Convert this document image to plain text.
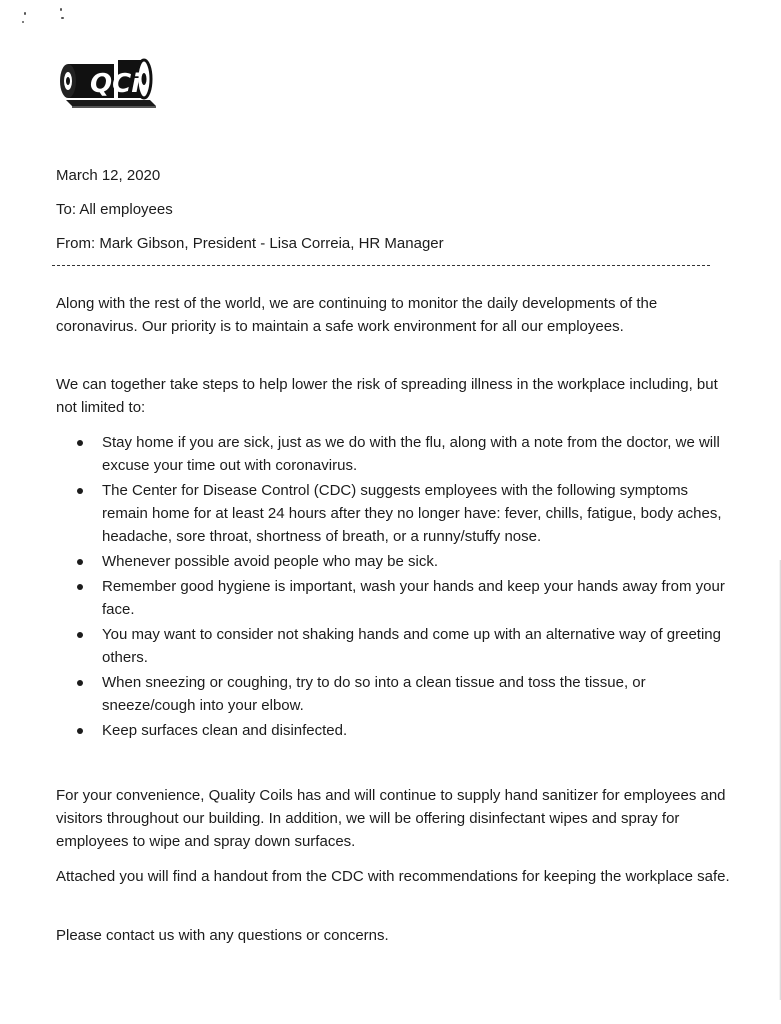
QCi
March 12, 2020
To: All employees
From: Mark Gibson, President - Lisa Correia, HR Manager

Along with the rest of the world, we are continuing to monitor the daily developments of the coronavirus. Our priority is to maintain a safe work environment for all our employees.

We can together take steps to help lower the risk of spreading illness in the workplace including, but not limited to:

Stay home if you are sick, just as we do with the flu, along with a note from the doctor, we will excuse your time out with coronavirus.
The Center for Disease Control (CDC) suggests employees with the following symptoms remain home for at least 24 hours after they no longer have: fever, chills, fatigue, body aches, headache, sore throat, shortness of breath, or a runny/stuffy nose.
Whenever possible avoid people who may be sick.
Remember good hygiene is important, wash your hands and keep your hands away from your face.
You may want to consider not shaking hands and come up with an alternative way of greeting others.
When sneezing or coughing, try to do so into a clean tissue and toss the tissue, or sneeze/cough into your elbow.
Keep surfaces clean and disinfected.

For your convenience, Quality Coils has and will continue to supply hand sanitizer for employees and visitors throughout our building. In addition, we will be offering disinfectant wipes and spray for employees to wipe and spray down surfaces.

Attached you will find a handout from the CDC with recommendations for keeping the workplace safe.

Please contact us with any questions or concerns.
